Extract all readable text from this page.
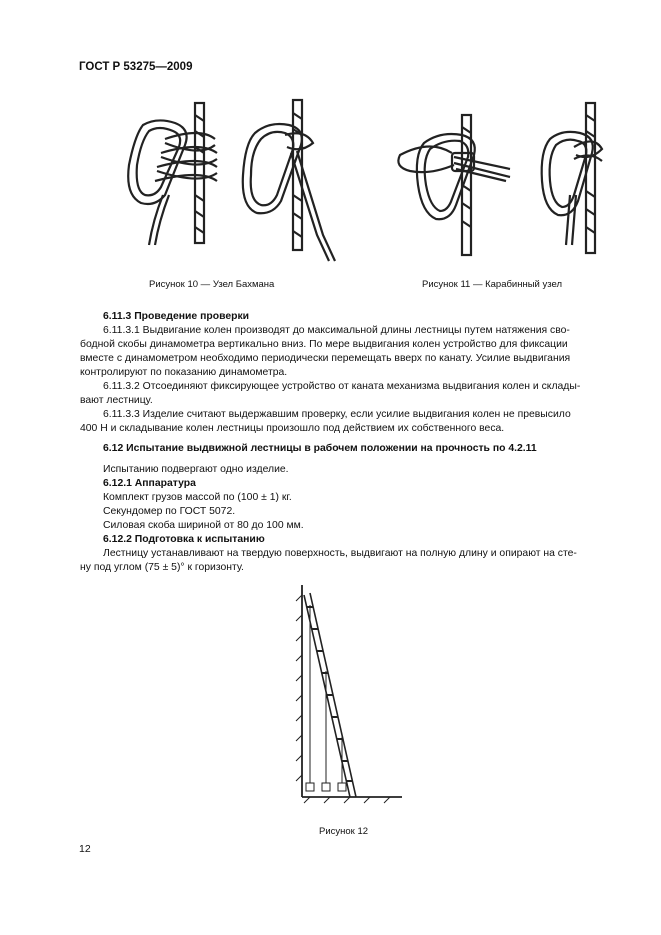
ГОСТ Р 53275—2009
Рисунок 10 — Узел Бахмана	Рисунок 11 — Карабинный узел
6.11.3 Проведение проверки
6.11.3.1 Выдвигание колен производят до максимальной длины лестницы путем натяжения сво-
бодной скобы динамометра вертикально вниз. По мере выдвигания колен устройство для фиксации
вместе с динамометром необходимо периодически перемещать вверх по канату. Усилие выдвигания
контролируют по показанию динамометра.
6.11.3.2 Отсоединяют фиксирующее устройство от каната механизма выдвигания колен и склады-
вают лестницу.
6.11.3.3 Изделие считают выдержавшим проверку, если усилие выдвигания колен не превысило
400 Н и складывание колен лестницы произошло под действием их собственного веса.
6.12 Испытание выдвижной лестницы в рабочем положении на прочность по 4.2.11
Испытанию подвергают одно изделие.
6.12.1 Аппаратура
Комплект грузов массой по (100 ± 1) кг.
Секундомер по ГОСТ 5072.
Силовая скоба шириной от 80 до 100 мм.
6.12.2 Подготовка к испытанию
Лестницу устанавливают на твердую поверхность, выдвигают на полную длину и опирают на сте-
ну под углом (75 ± 5)° к горизонту.
Рисунок 12
12
